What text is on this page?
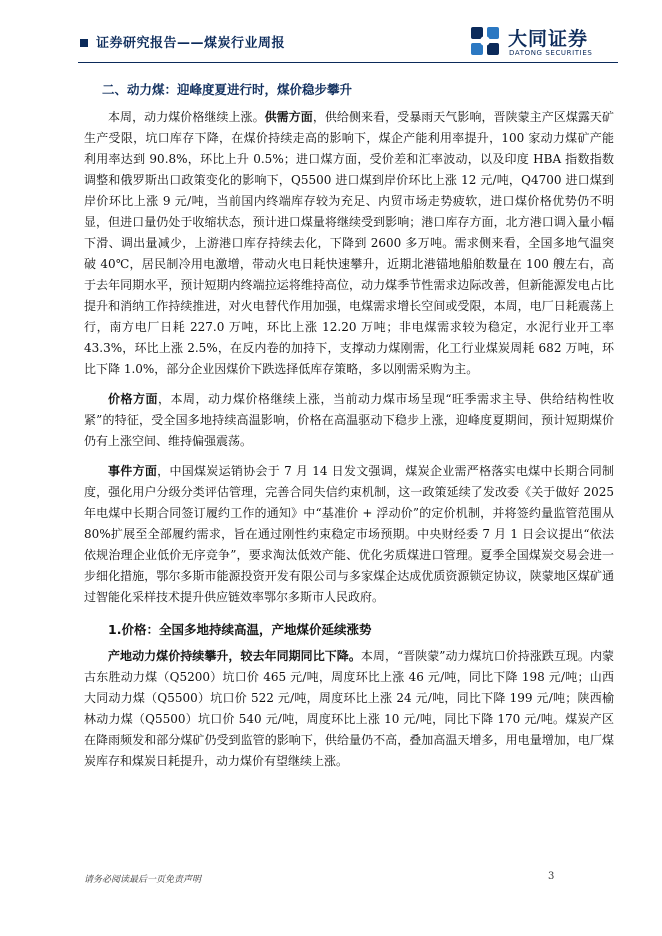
证券研究报告——煤炭行业周报	大同证券
DATONG SECURITIES
二、动力煤：迎峰度夏进行时，煤价稳步攀升

本周，动力煤价格继续上涨。供需方面，供给侧来看，受暴雨天气影响，晋陕蒙主产区煤露天矿生产受限，坑口库存下降，在煤价持续走高的影响下，煤企产能利用率提升，100 家动力煤矿产能利用率达到 90.8%，环比上升 0.5%；进口煤方面，受价差和汇率波动，以及印度 HBA 指数指数调整和俄罗斯出口政策变化的影响下，Q5500 进口煤到岸价环比上涨 12 元/吨，Q4700 进口煤到岸价环比上涨 9 元/吨，当前国内终端库存较为充足、内贸市场走势疲软，进口煤价格优势仍不明显，但进口量仍处于收缩状态，预计进口煤量将继续受到影响；港口库存方面，北方港口调入量小幅下滑、调出量减少，上游港口库存持续去化，下降到 2600 多万吨。需求侧来看，全国多地气温突破 40℃，居民制冷用电激增，带动火电日耗快速攀升，近期北港锚地船舶数量在 100 艘左右，高于去年同期水平，预计短期内终端拉运将维持高位，动力煤季节性需求边际改善，但新能源发电占比提升和消纳工作持续推进，对火电替代作用加强，电煤需求增长空间或受限，本周，电厂日耗震荡上行，南方电厂日耗 227.0 万吨，环比上涨 12.20 万吨；非电煤需求较为稳定，水泥行业开工率 43.3%，环比上涨 2.5%，在反内卷的加持下，支撑动力煤刚需，化工行业煤炭周耗 682 万吨，环比下降 1.0%，部分企业因煤价下跌选择低库存策略，多以刚需采购为主。

价格方面，本周，动力煤价格继续上涨，当前动力煤市场呈现“旺季需求主导、供给结构性收紧”的特征，受全国多地持续高温影响，价格在高温驱动下稳步上涨，迎峰度夏期间，预计短期煤价仍有上涨空间、维持偏强震荡。

事件方面，中国煤炭运销协会于 7 月 14 日发文强调，煤炭企业需严格落实电煤中长期合同制度，强化用户分级分类评估管理，完善合同失信约束机制，这一政策延续了发改委《关于做好 2025 年电煤中长期合同签订履约工作的通知》中“基准价 + 浮动价”的定价机制，并将签约量监管范围从 80%扩展至全部履约需求，旨在通过刚性约束稳定市场预期。中央财经委 7 月 1 日会议提出“依法依规治理企业低价无序竞争”，要求淘汰低效产能、优化劣质煤进口管理。夏季全国煤炭交易会进一步细化措施，鄂尔多斯市能源投资开发有限公司与多家煤企达成优质资源锁定协议，陕蒙地区煤矿通过智能化采样技术提升供应链效率鄂尔多斯市人民政府。

1.价格：全国多地持续高温，产地煤价延续涨势

产地动力煤价持续攀升，较去年同期同比下降。本周，“晋陕蒙”动力煤坑口价持涨跌互现。内蒙古东胜动力煤（Q5200）坑口价 465 元/吨，周度环比上涨 46 元/吨，同比下降 198 元/吨；山西大同动力煤（Q5500）坑口价 522 元/吨，周度环比上涨 24 元/吨，同比下降 199 元/吨；陕西榆林动力煤（Q5500）坑口价 540 元/吨，周度环比上涨 10 元/吨，同比下降 170 元/吨。煤炭产区在降雨频发和部分煤矿仍受到监管的影响下，供给量仍不高，叠加高温天增多，用电量增加，电厂煤炭库存和煤炭日耗提升，动力煤价有望继续上涨。

请务必阅读最后一页免责声明	3
